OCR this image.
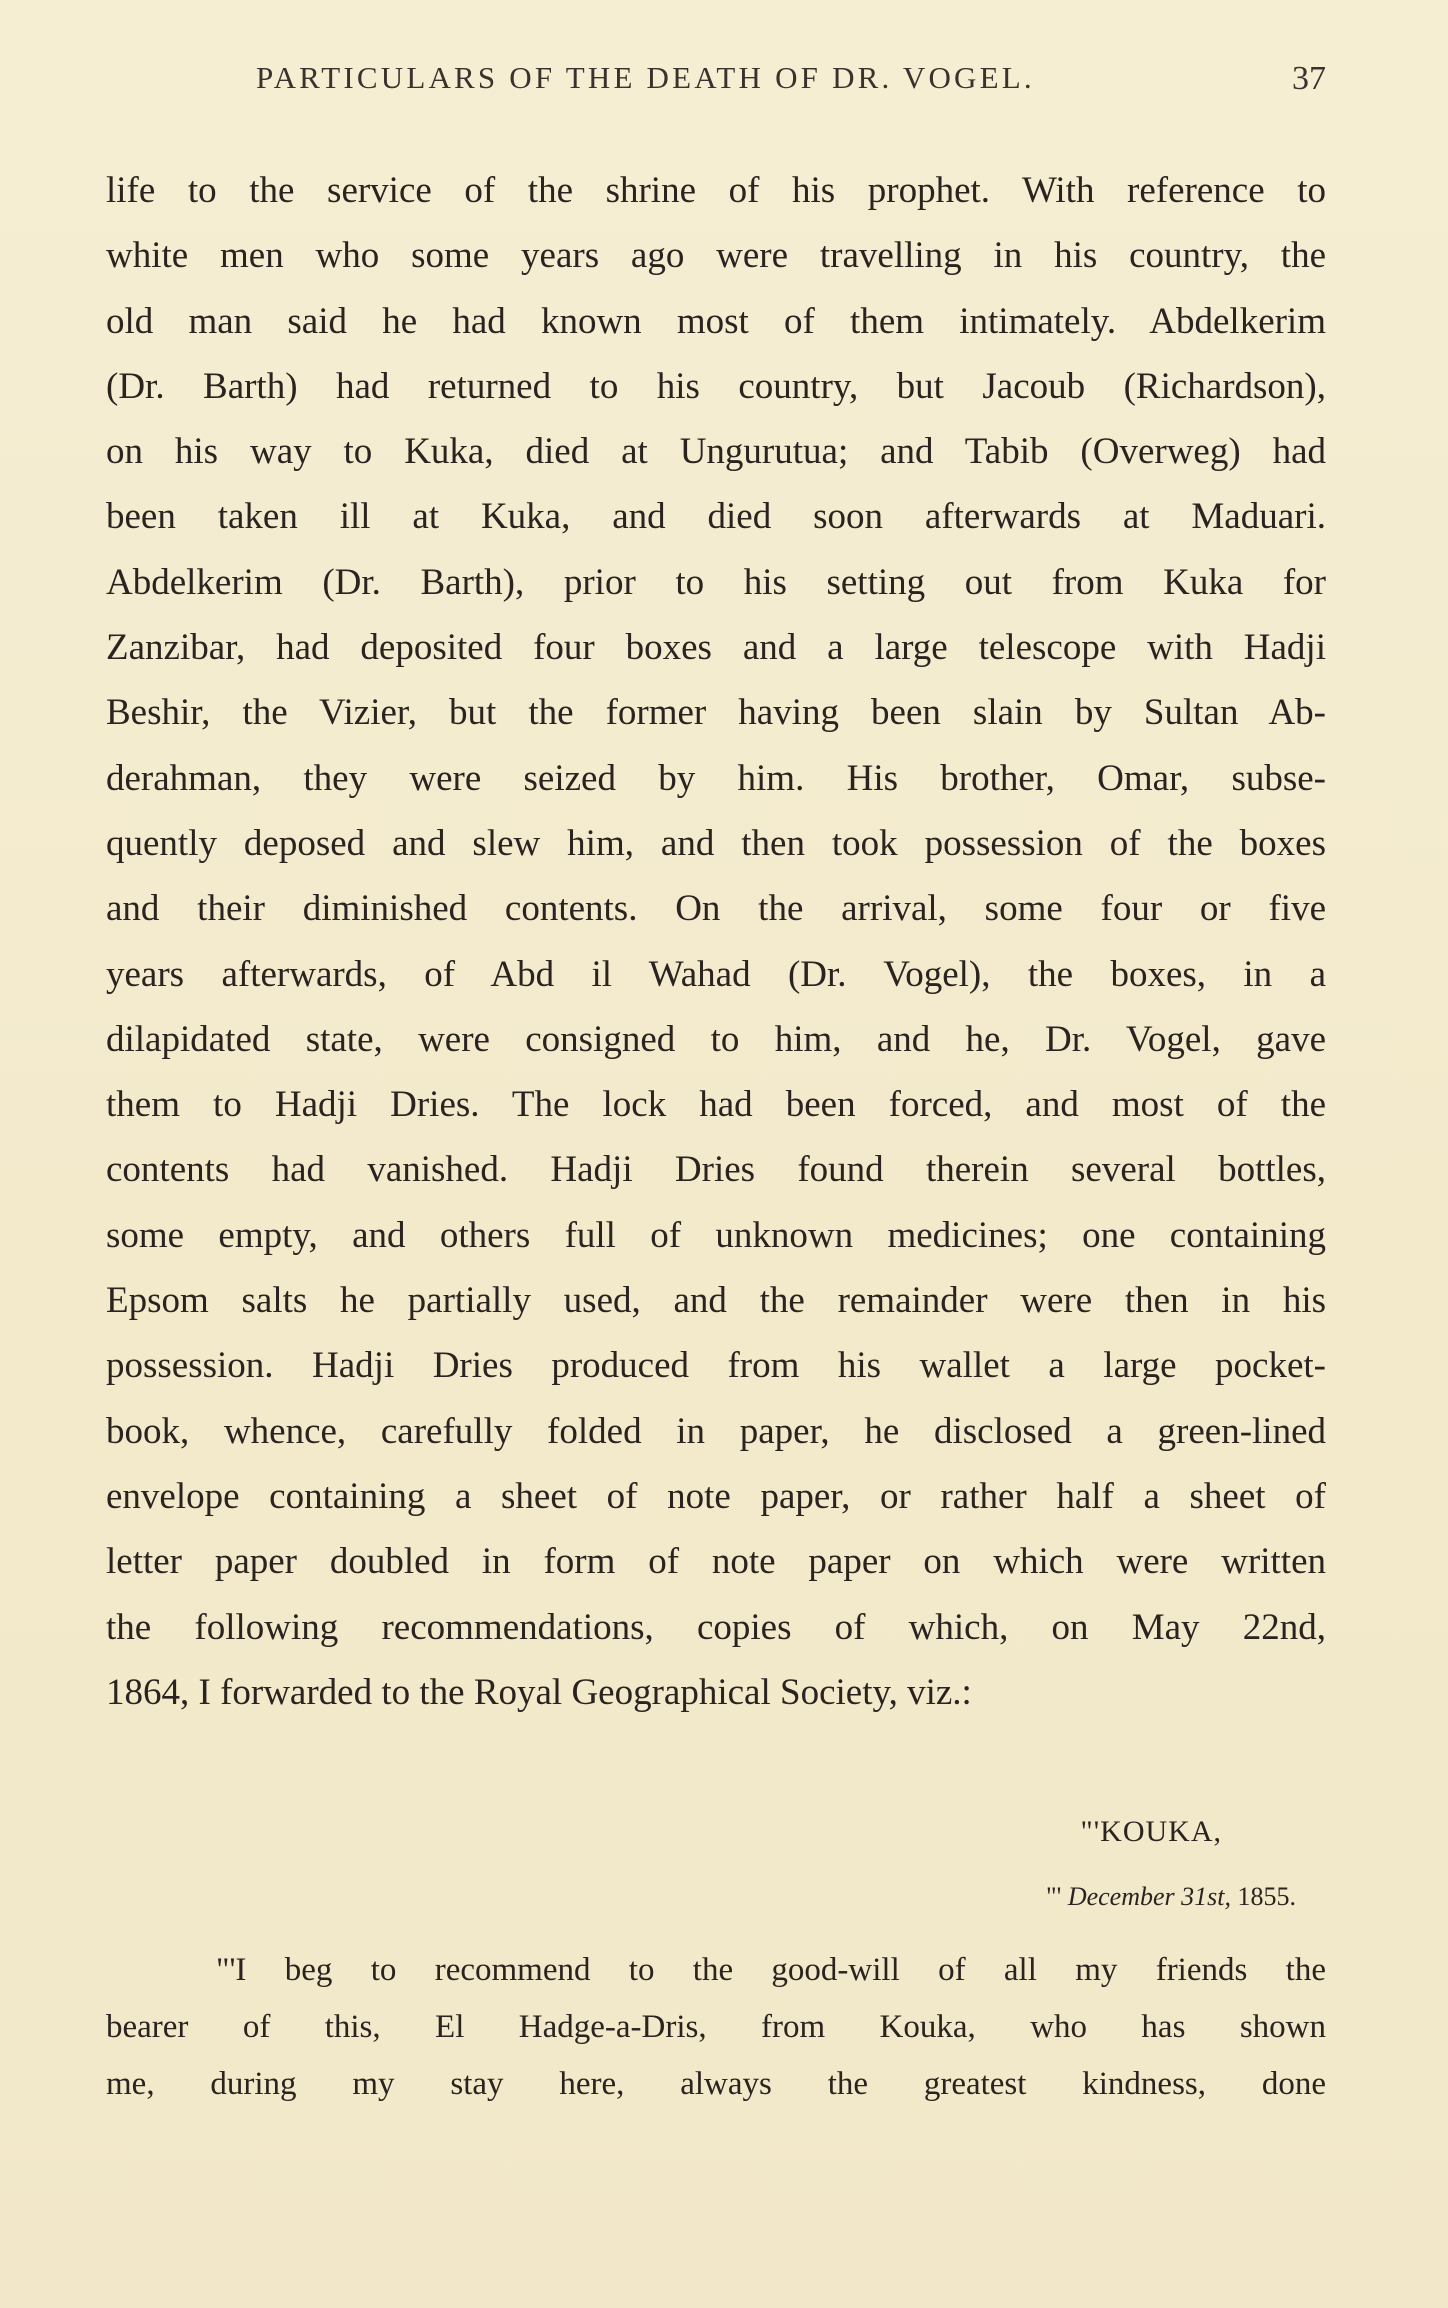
PARTICULARS OF THE DEATH OF DR. VOGEL.	37
life to the service of the shrine of his prophet. With reference to
white men who some years ago were travelling in his country, the
old man said he had known most of them intimately. Abdelkerim
(Dr. Barth) had returned to his country, but Jacoub (Richardson),
on his way to Kuka, died at Ungurutua; and Tabib (Overweg) had
been taken ill at Kuka, and died soon afterwards at Maduari.
Abdelkerim (Dr. Barth), prior to his setting out from Kuka for
Zanzibar, had deposited four boxes and a large telescope with Hadji
Beshir, the Vizier, but the former having been slain by Sultan Ab-
derahman, they were seized by him. His brother, Omar, subse-
quently deposed and slew him, and then took possession of the boxes
and their diminished contents. On the arrival, some four or five
years afterwards, of Abd il Wahad (Dr. Vogel), the boxes, in a
dilapidated state, were consigned to him, and he, Dr. Vogel, gave
them to Hadji Dries. The lock had been forced, and most of the
contents had vanished. Hadji Dries found therein several bottles,
some empty, and others full of unknown medicines; one containing
Epsom salts he partially used, and the remainder were then in his
possession. Hadji Dries produced from his wallet a large pocket-
book, whence, carefully folded in paper, he disclosed a green-lined
envelope containing a sheet of note paper, or rather half a sheet of
letter paper doubled in form of note paper on which were written
the following recommendations, copies of which, on May 22nd,
1864, I forwarded to the Royal Geographical Society, viz.:
"'KOUKA,
"' December 31st, 1855.
"'I beg to recommend to the good-will of all my friends the
bearer of this, El Hadge-a-Dris, from Kouka, who has shown
me, during my stay here, always the greatest kindness, done
